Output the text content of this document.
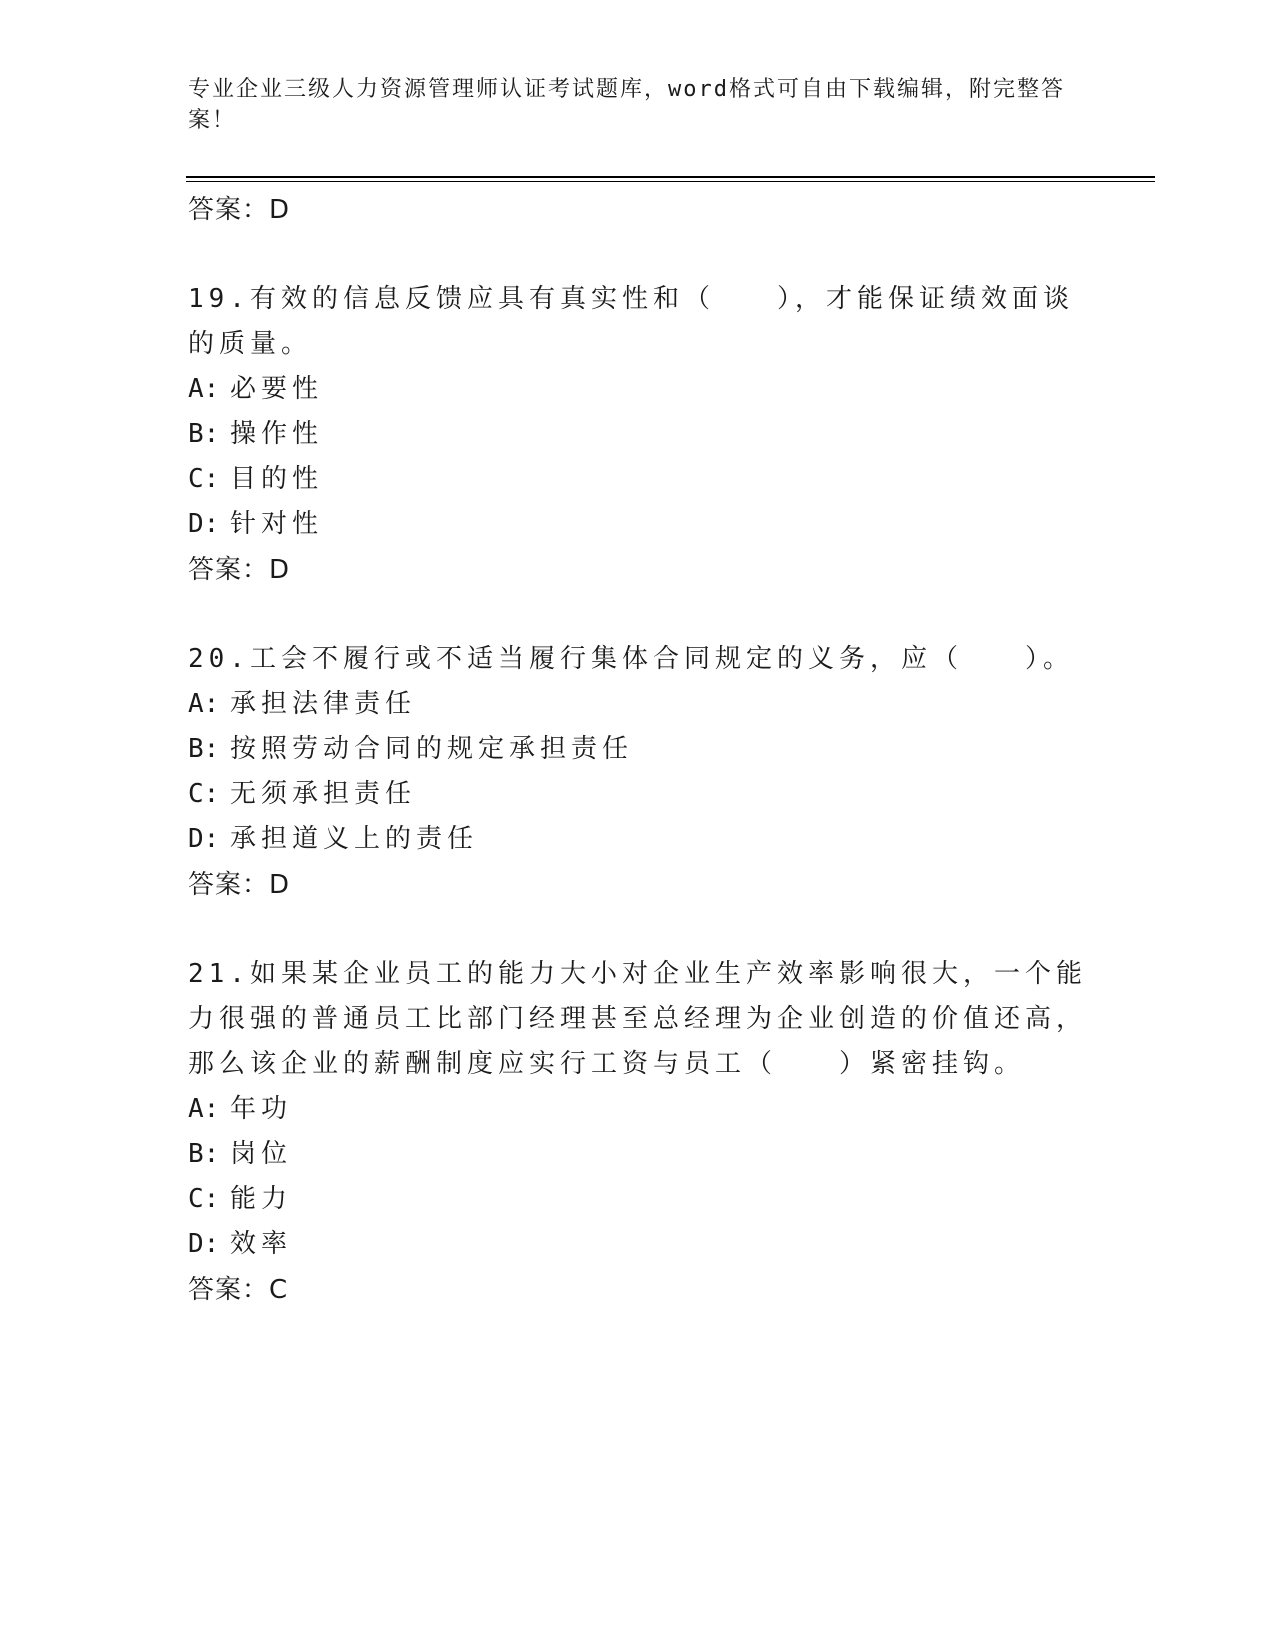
专业企业三级人力资源管理师认证考试题库，word格式可自由下载编辑，附完整答案！
答案：D
19.有效的信息反馈应具有真实性和（　　），才能保证绩效面谈的质量。
A: 必要性
B: 操作性
C: 目的性
D: 针对性
答案：D
20.工会不履行或不适当履行集体合同规定的义务，应（　　）。
A: 承担法律责任
B: 按照劳动合同的规定承担责任
C: 无须承担责任
D: 承担道义上的责任
答案：D
21.如果某企业员工的能力大小对企业生产效率影响很大，一个能力很强的普通员工比部门经理甚至总经理为企业创造的价值还高，那么该企业的薪酬制度应实行工资与员工（　　）紧密挂钩。
A: 年功
B: 岗位
C: 能力
D: 效率
答案：C
